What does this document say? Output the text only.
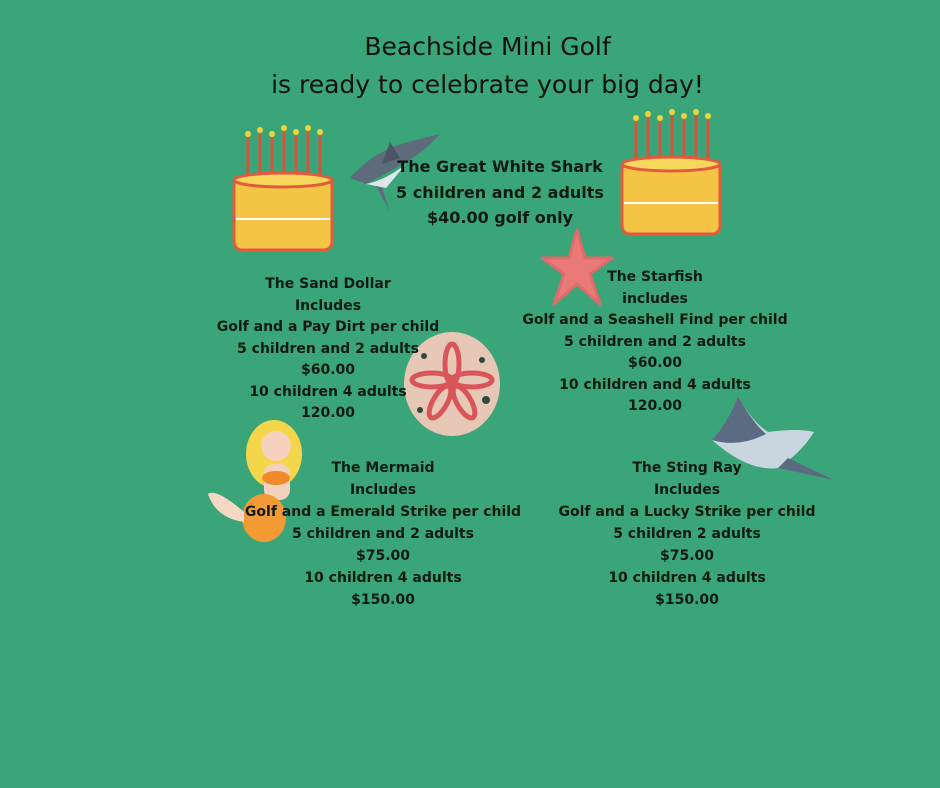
Beachside Mini Golf
is ready to celebrate your big day!
The Great White Shark
5 children and 2 adults
$40.00 golf only
The Sand Dollar
Includes
Golf and a Pay Dirt per child
5 children and 2 adults
$60.00
10 children 4 adults
120.00
The Starfish
includes
Golf and a Seashell Find per child
5 children and 2 adults
$60.00
10 children and 4 adults
120.00
The Mermaid
Includes
Golf and a Emerald Strike per child
5 children and 2 adults
$75.00
10 children 4 adults
$150.00
The Sting Ray
Includes
Golf and a Lucky Strike per child
5 children 2 adults
$75.00
10 children 4 adults
$150.00
